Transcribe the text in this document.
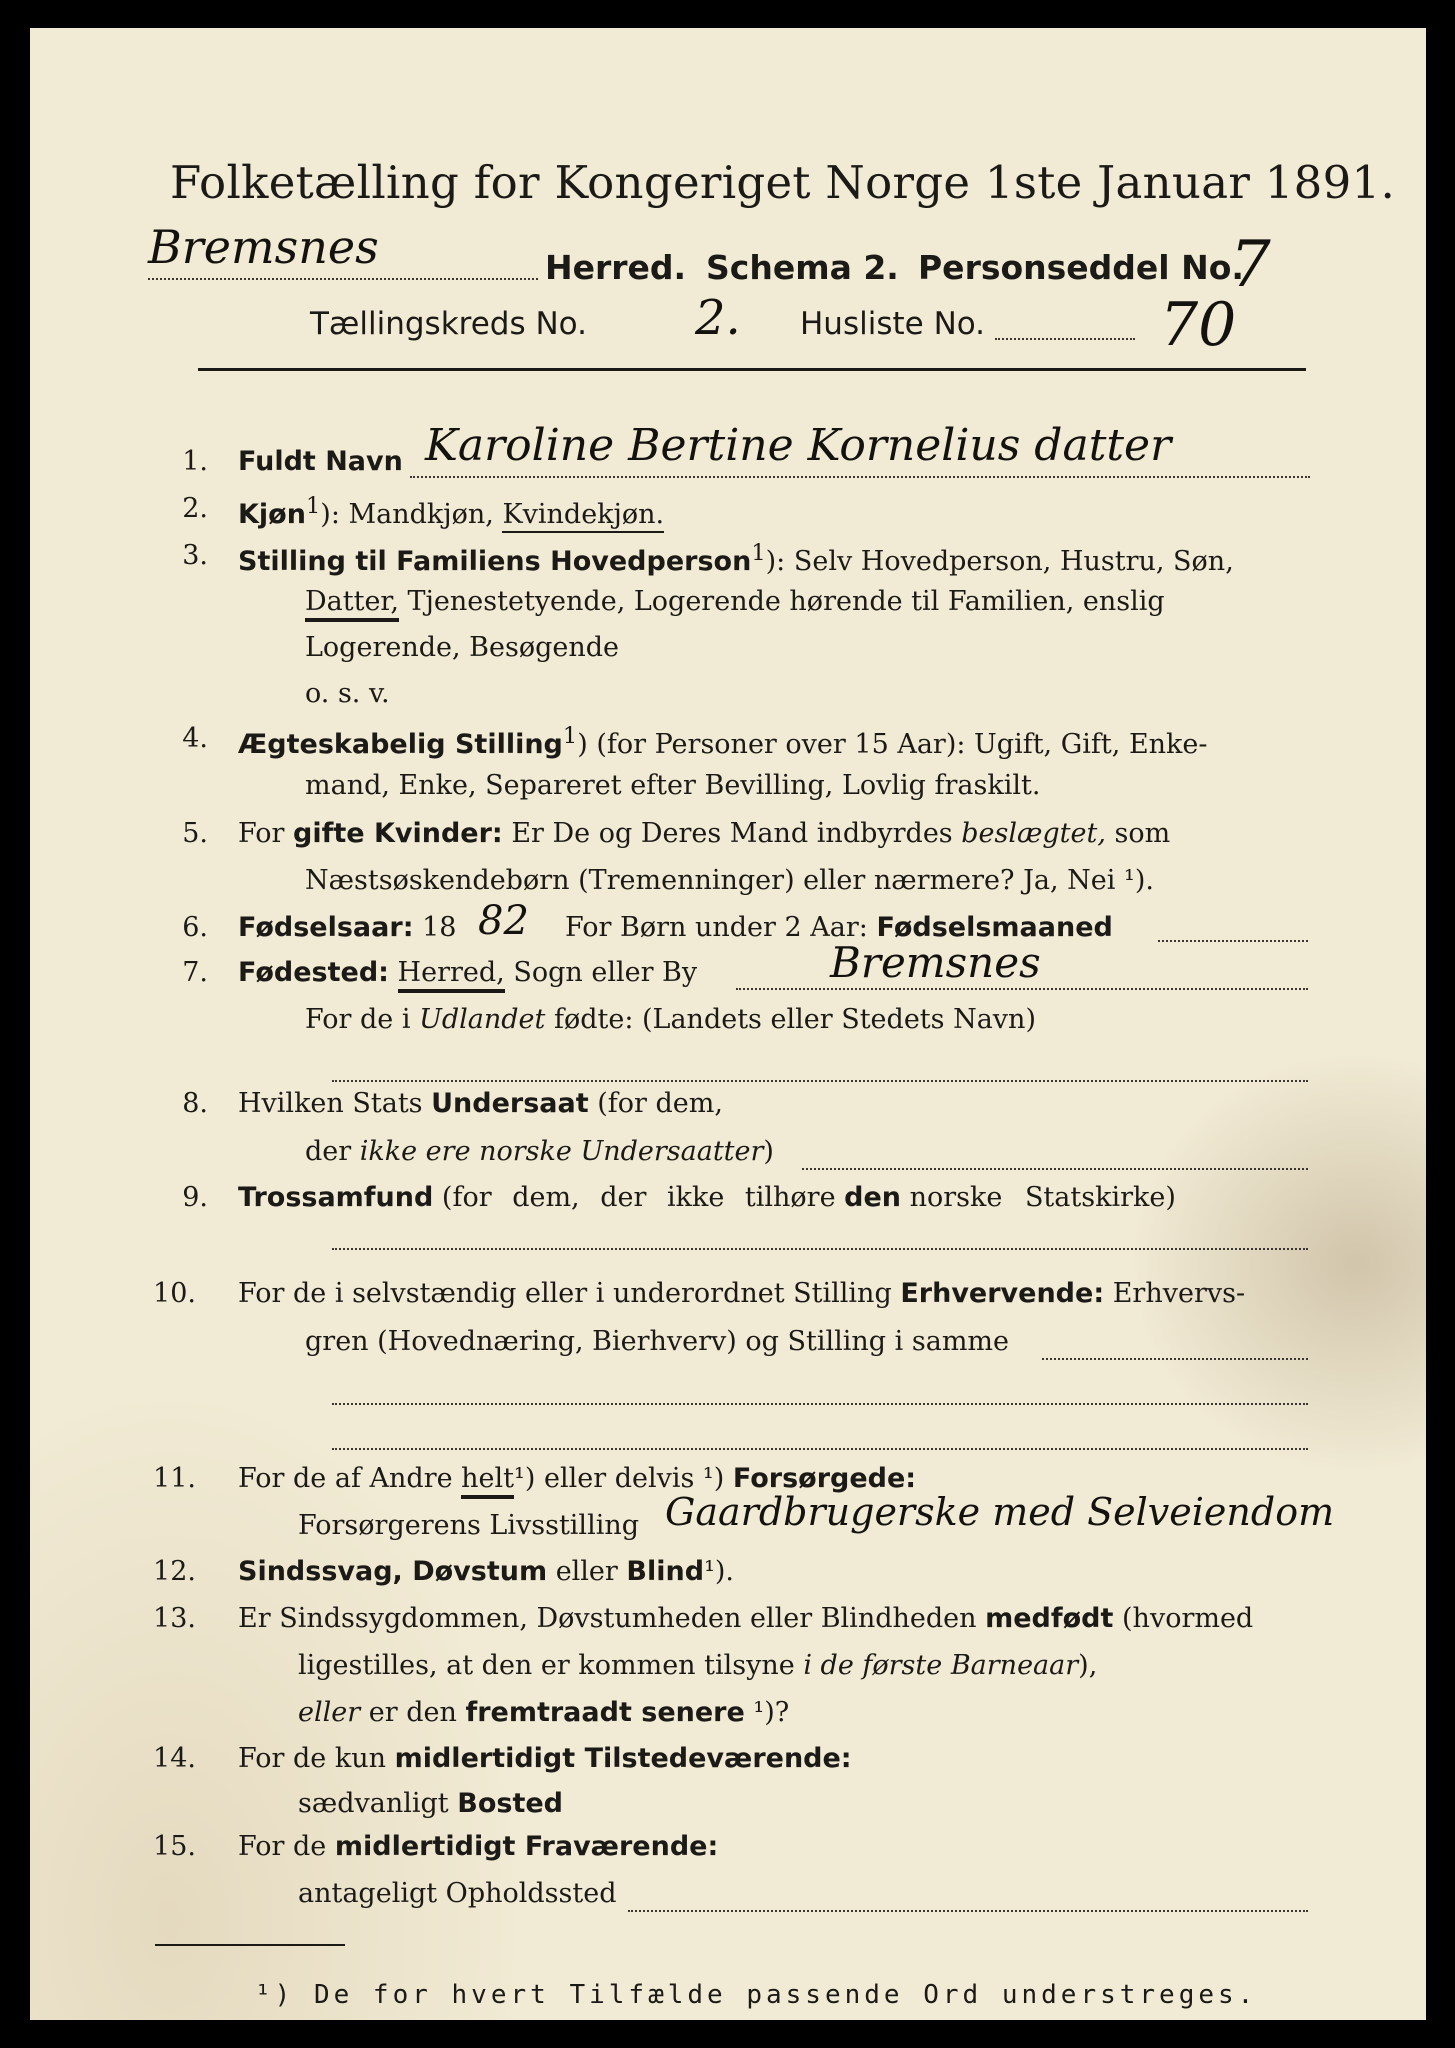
Folketælling for Kongeriget Norge 1ste Januar 1891.
Bremsnes	Herred. Schema 2. Personseddel No.
7
Tællingskreds No. 2. Husliste No.	70
1.
2.
3.
4.
5.
6.
7.
8.
9.
10.
11.
12.
13.
14.
15.
Fuldt Navn Karoline Bertine Kornelius datter
Kjøn$^1$): Mandkjøn, Kvindekjøn.
Stilling til Familiens Hovedperson$^1$): Selv Hovedperson, Hustru, Søn,
Datter, Tjenestetyende, Logerende hørende til Familien, enslig
Logerende, Besøgende
o. s. v.
Ægteskabelig Stilling$^1$) (for Personer over 15 Aar): Ugift, Gift, Enke-
mand, Enke, Separeret efter Bevilling, Lovlig fraskilt.
For gifte Kvinder: Er De og Deres Mand indbyrdes beslægtet, som
Næstsøskendebørn (Tremenninger) eller nærmere? Ja, Nei ¹).
Fødselsaar: 18 82 For Børn under 2 Aar: Fødselsmaaned
Fødested: Herred, Sogn eller By	Bremsnes
For de i Udlandet fødte: (Landets eller Stedets Navn)
Hvilken Stats Undersaat (for dem,
der ikke ere norske Undersaatter)
Trossamfund (for dem, der ikke tilhøre den norske Statskirke)
For de i selvstændig eller i underordnet Stilling Erhvervende: Erhvervs-
gren (Hovednæring, Bierhverv) og Stilling i samme
For de af Andre helt¹) eller delvis ¹) Forsørgede:
Forsørgerens Livsstilling Gaardbrugerske med Selveiendom
Sindssvag, Døvstum eller Blind¹).
Er Sindssygdommen, Døvstumheden eller Blindheden medfødt (hvormed
ligestilles, at den er kommen tilsyne i de første Barneaar),
eller er den fremtraadt senere ¹)?
For de kun midlertidigt Tilstedeværende:
sædvanligt Bosted
For de midlertidigt Fraværende:
antageligt Opholdssted
¹) De for hvert Tilfælde passende Ord understreges.
